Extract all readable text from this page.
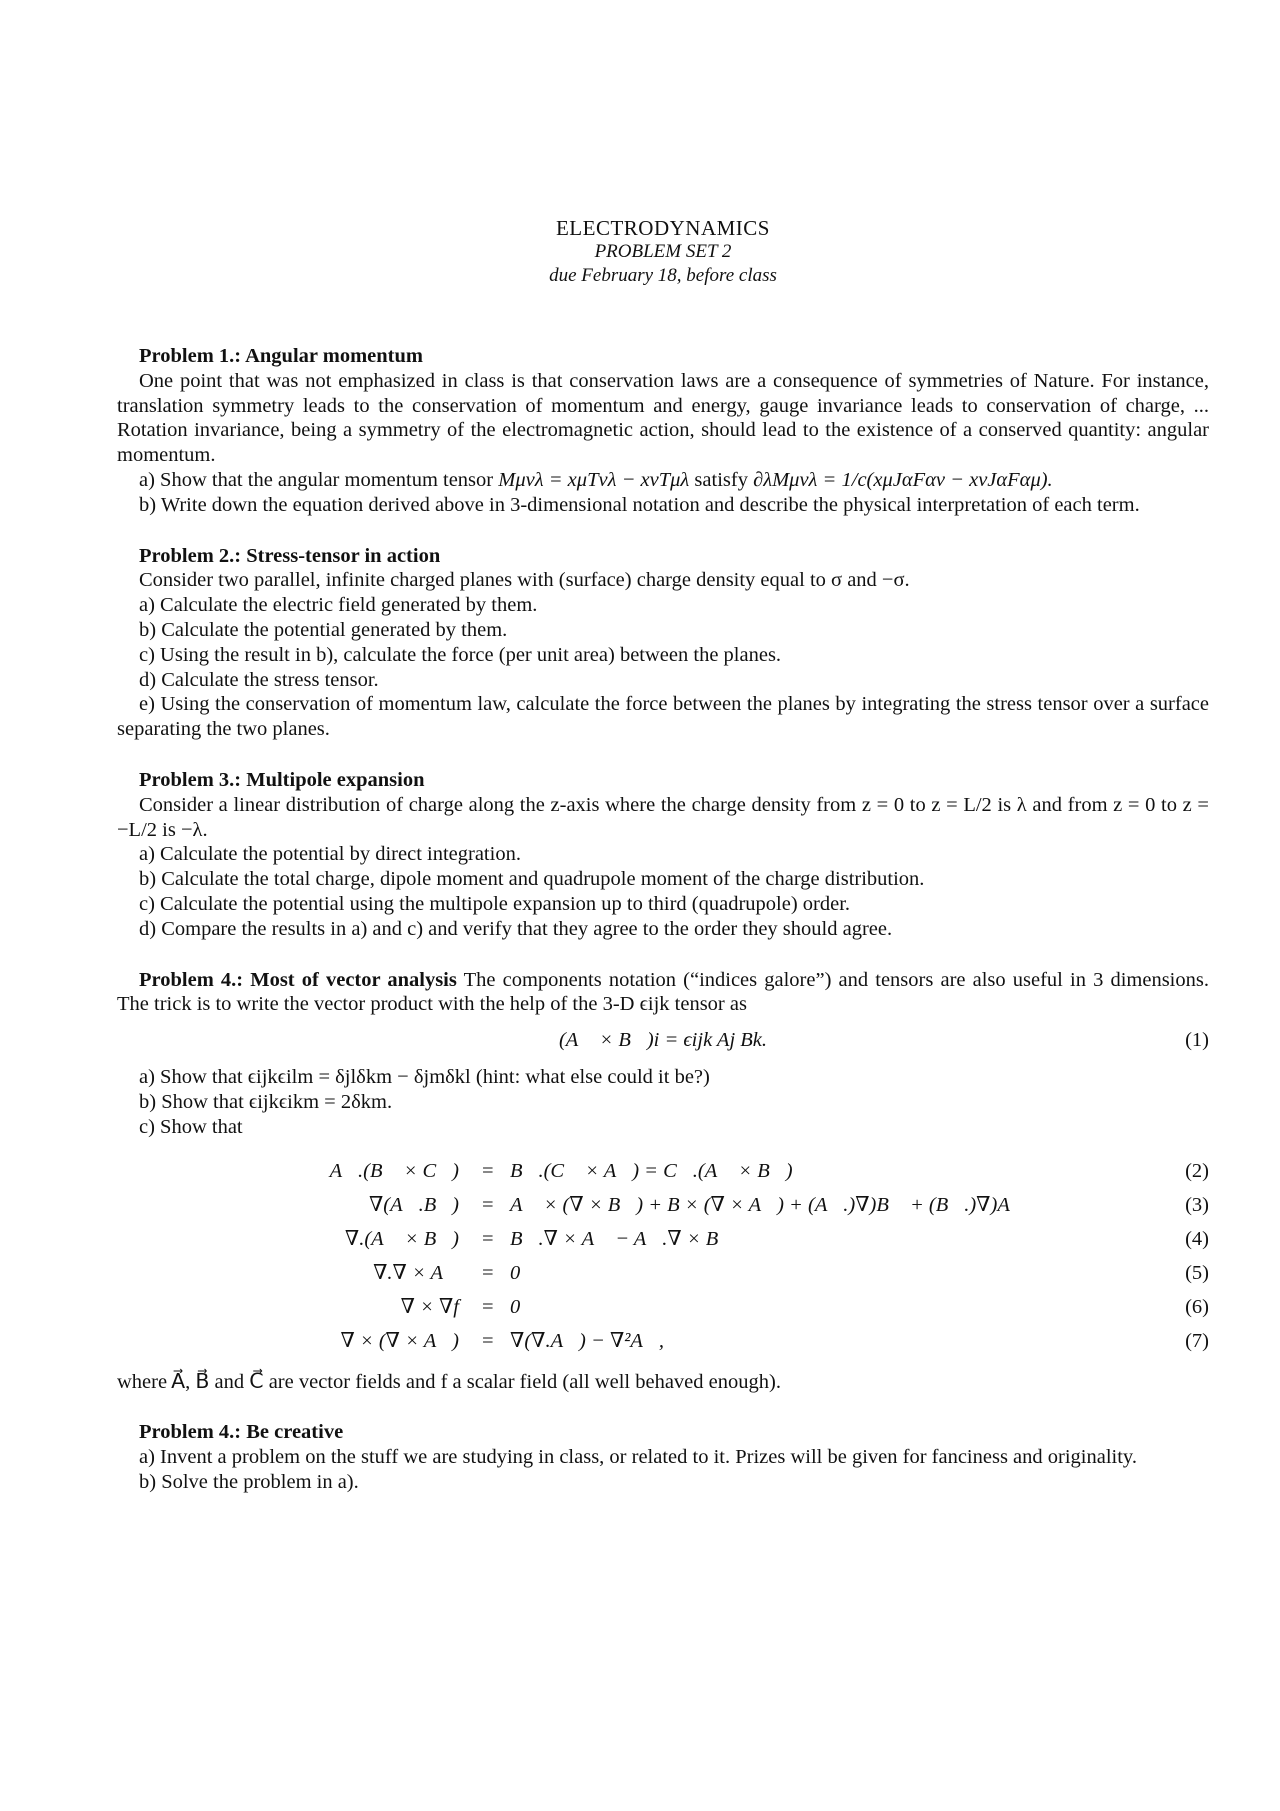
ELECTRODYNAMICS
PROBLEM SET 2
due February 18, before class
Problem 1.: Angular momentum
One point that was not emphasized in class is that conservation laws are a consequence of symmetries of Nature. For instance, translation symmetry leads to the conservation of momentum and energy, gauge invariance leads to conservation of charge, ... Rotation invariance, being a symmetry of the electromagnetic action, should lead to the existence of a conserved quantity: angular momentum.
a) Show that the angular momentum tensor Mμνλ = xμTνλ − xνTμλ satisfy ∂λMμνλ = 1/c(xμJαFαν − xνJαFαμ).
b) Write down the equation derived above in 3-dimensional notation and describe the physical interpretation of each term.
Problem 2.: Stress-tensor in action
Consider two parallel, infinite charged planes with (surface) charge density equal to σ and −σ.
a) Calculate the electric field generated by them.
b) Calculate the potential generated by them.
c) Using the result in b), calculate the force (per unit area) between the planes.
d) Calculate the stress tensor.
e) Using the conservation of momentum law, calculate the force between the planes by integrating the stress tensor over a surface separating the two planes.
Problem 3.: Multipole expansion
Consider a linear distribution of charge along the z-axis where the charge density from z = 0 to z = L/2 is λ and from z = 0 to z = −L/2 is −λ.
a) Calculate the potential by direct integration.
b) Calculate the total charge, dipole moment and quadrupole moment of the charge distribution.
c) Calculate the potential using the multipole expansion up to third (quadrupole) order.
d) Compare the results in a) and c) and verify that they agree to the order they should agree.
Problem 4.: Most of vector analysis The components notation (“indices galore”) and tensors are also useful in 3 dimensions. The trick is to write the vector product with the help of the 3-D ϵijk tensor as
(A⃗ × B⃗)i = ϵijk Aj Bk.	(1)
a) Show that ϵijkϵilm = δjlδkm − δjmδkl (hint: what else could it be?)
b) Show that ϵijkϵikm = 2δkm.
c) Show that
A⃗.(B⃗ × C⃗) = B⃗.(C⃗ × A⃗) = C⃗.(A⃗ × B⃗)	(2)
∇(A⃗.B⃗) = A⃗ × (∇ × B⃗) + B × (∇ × A⃗) + (A⃗.)∇)B⃗ + (B⃗.)∇)A⃗	(3)
∇.(A⃗ × B⃗) = B⃗.∇ × A⃗ − A⃗.∇ × B⃗	(4)
∇.∇ × A⃗ = 0	(5)
∇ × ∇f = 0	(6)
∇ × (∇ × A⃗) = ∇(∇.A⃗) − ∇²A⃗,	(7)
where A⃗, B⃗ and C⃗ are vector fields and f a scalar field (all well behaved enough).
Problem 4.: Be creative
a) Invent a problem on the stuff we are studying in class, or related to it. Prizes will be given for fanciness and originality.
b) Solve the problem in a).
